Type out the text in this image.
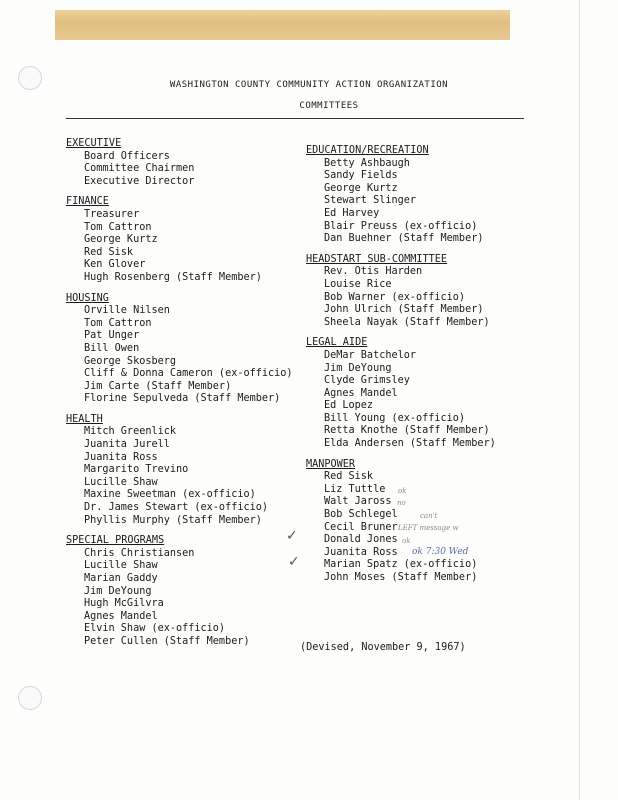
WASHINGTON COUNTY COMMUNITY ACTION ORGANIZATION
COMMITTEES
EXECUTIVE
Board Officers
Committee Chairmen
Executive Director
FINANCE
Treasurer
Tom Cattron
George Kurtz
Red Sisk
Ken Glover
Hugh Rosenberg (Staff Member)
HOUSING
Orville Nilsen
Tom Cattron
Pat Unger
Bill Owen
George Skosberg
Cliff & Donna Cameron (ex-officio)
Jim Carte (Staff Member)
Florine Sepulveda (Staff Member)
HEALTH
Mitch Greenlick
Juanita Jurell
Juanita Ross
Margarito Trevino
Lucille Shaw
Maxine Sweetman (ex-officio)
Dr. James Stewart (ex-officio)
Phyllis Murphy (Staff Member)
SPECIAL PROGRAMS
Chris Christiansen
Lucille Shaw
Marian Gaddy
Jim DeYoung
Hugh McGilvra
Agnes Mandel
Elvin Shaw (ex-officio)
Peter Cullen (Staff Member)
EDUCATION/RECREATION
Betty Ashbaugh
Sandy Fields
George Kurtz
Stewart Slinger
Ed Harvey
Blair Preuss (ex-officio)
Dan Buehner (Staff Member)
HEADSTART SUB-COMMITTEE
Rev. Otis Harden
Louise Rice
Bob Warner (ex-officio)
John Ulrich (Staff Member)
Sheela Nayak (Staff Member)
LEGAL AIDE
DeMar Batchelor
Jim DeYoung
Clyde Grimsley
Agnes Mandel
Ed Lopez
Bill Young (ex-officio)
Retta Knothe (Staff Member)
Elda Andersen (Staff Member)
MANPOWER
Red Sisk
Liz Tuttle
Walt Jaross
Bob Schlegel
Cecil Bruner
Donald Jones
Juanita Ross
Marian Spatz (ex-officio)
John Moses (Staff Member)
(Devised, November 9, 1967)
ok
no
can't
LEFT message w
ok
ok 7:30 Wed
✓
✓
